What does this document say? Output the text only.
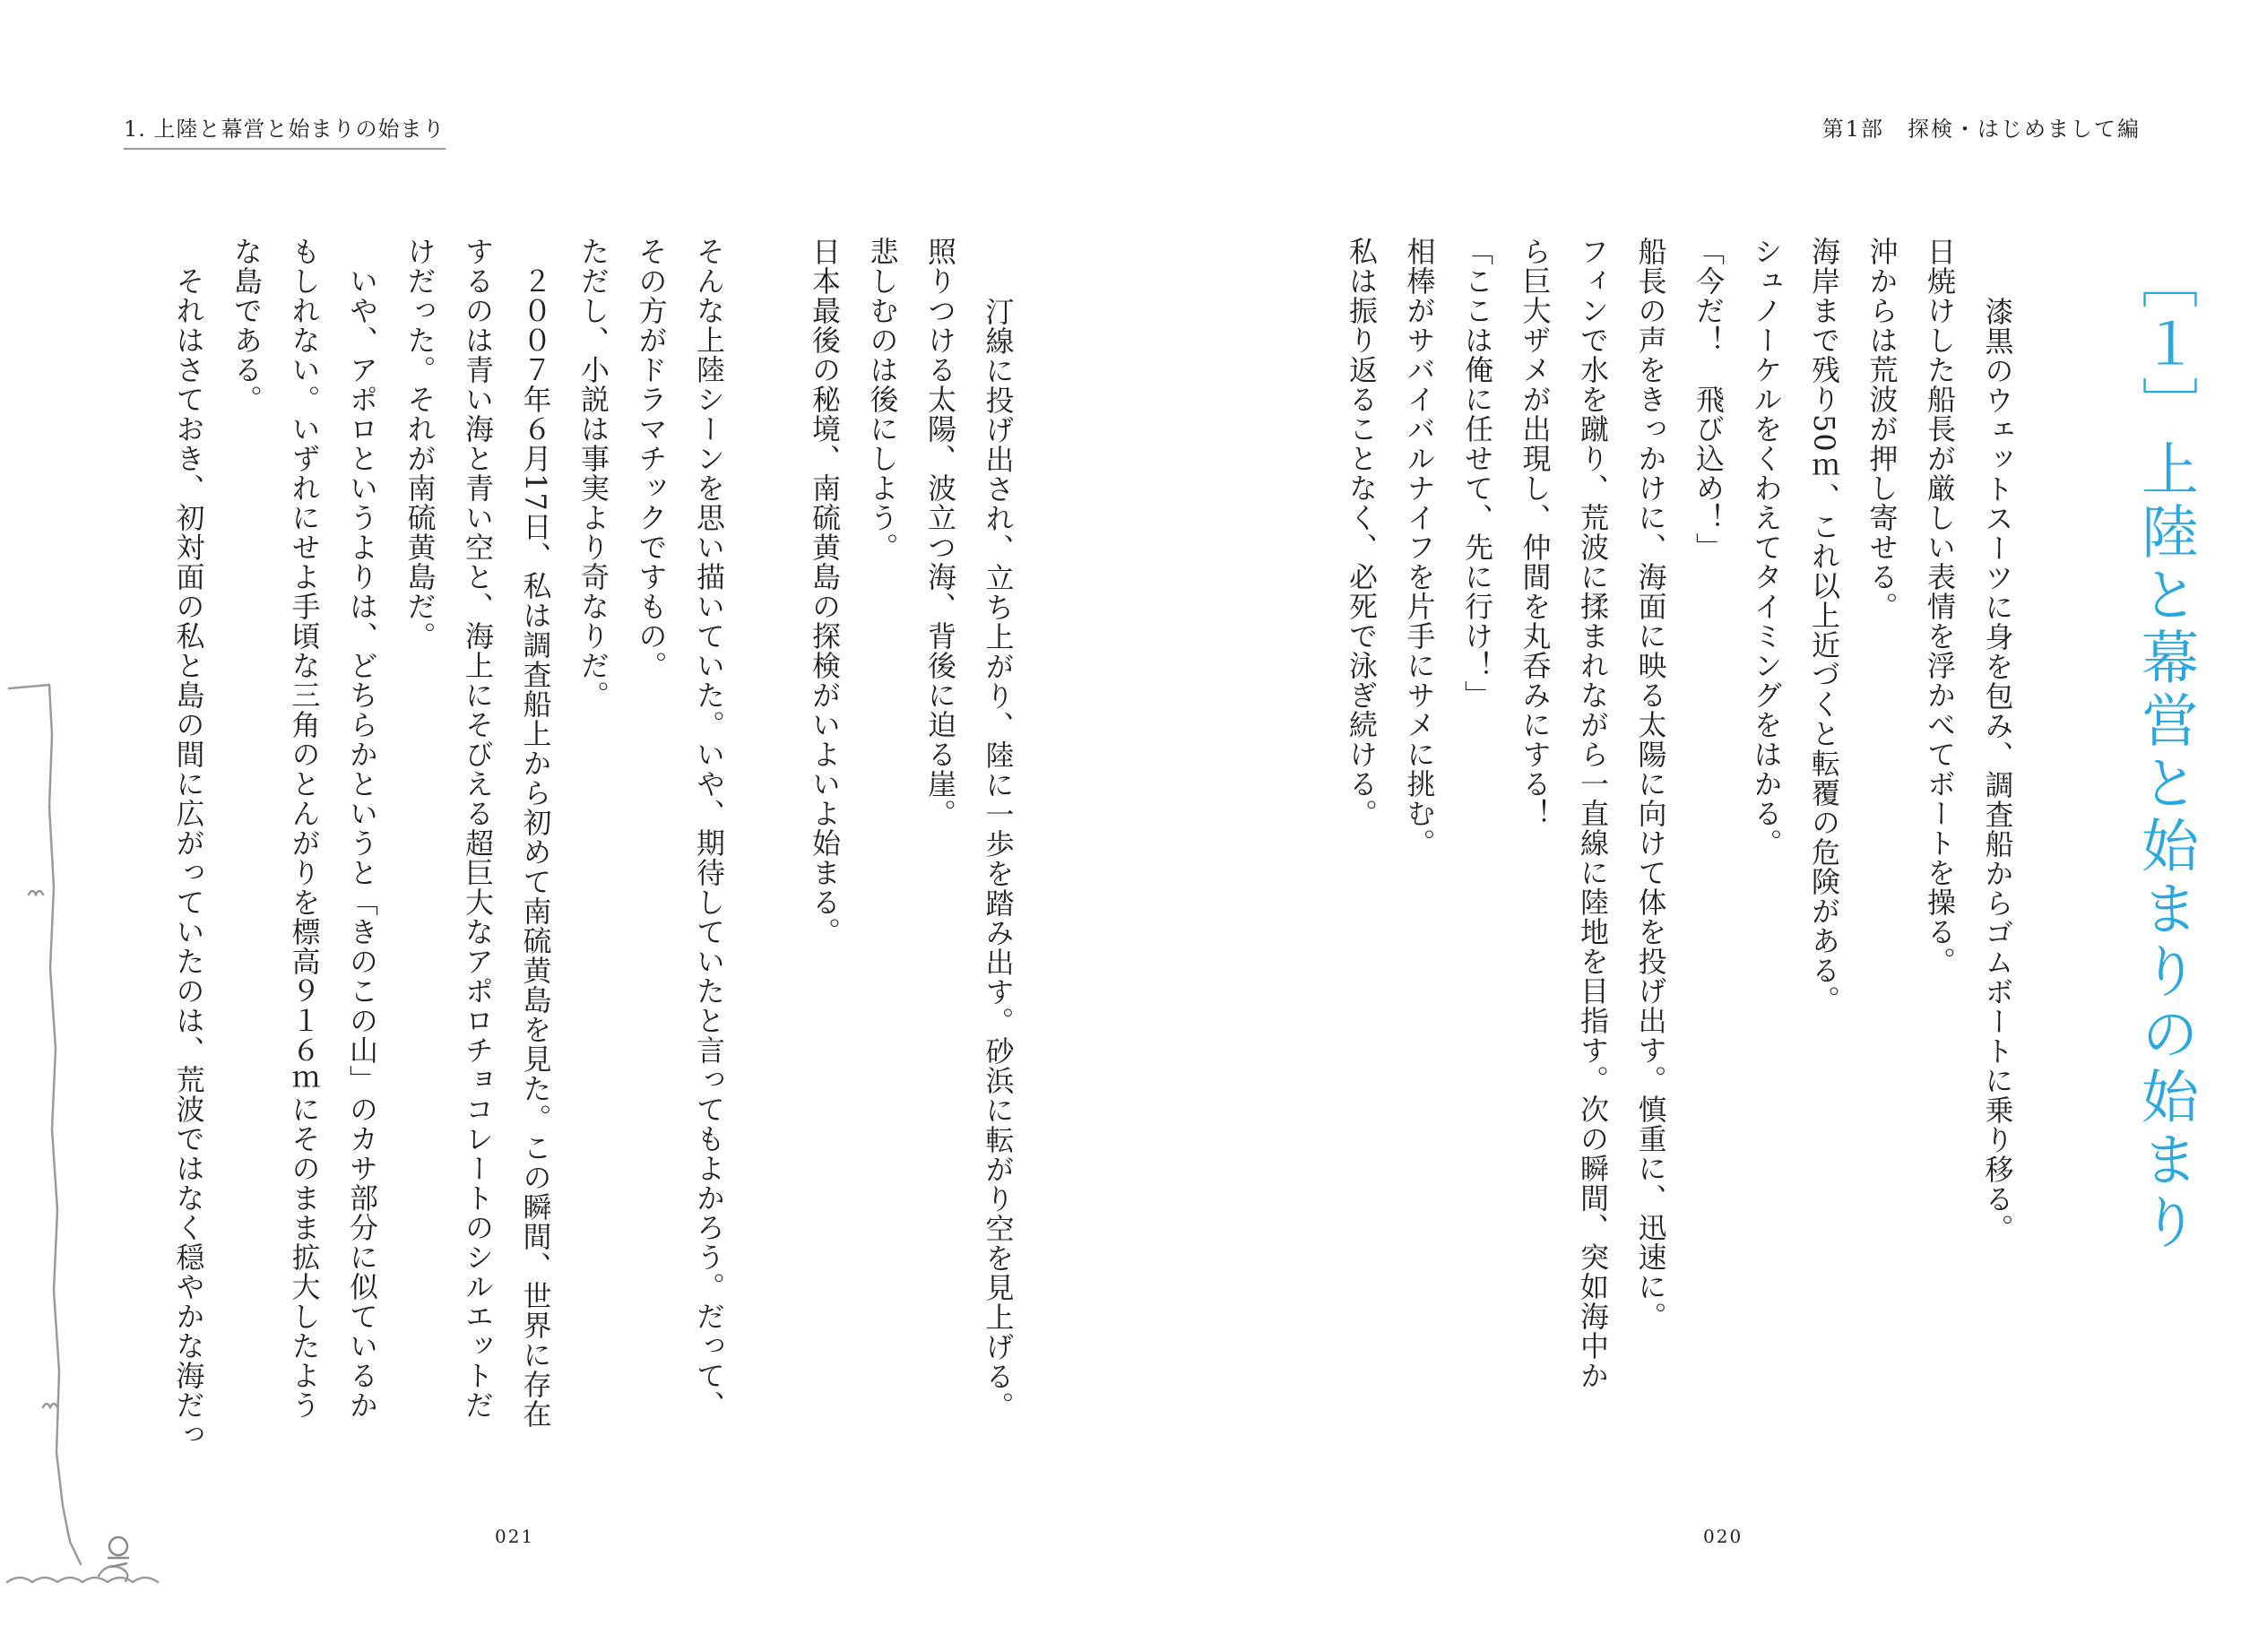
1. 上陸と幕営と始まりの始まり

汀線に投げ出され、立ち上がり、陸に一歩を踏み出す。砂浜に転がり空を見上げる。
照りつける太陽、波立つ海、背後に迫る崖。
悲しむのは後にしよう。
日本最後の秘境、南硫黄島の探検がいよいよ始まる。

そんな上陸シーンを思い描いていた。いや、期待していたと言ってもよかろう。だって、
その方がドラマチックですもの。
ただし、小説は事実より奇なりだ。
　２００７年６月17日、私は調査船上から初めて南硫黄島を見た。この瞬間、世界に存在
するのは青い海と青い空と、海上にそびえる超巨大なアポロチョコレートのシルエットだ
けだった。それが南硫黄島だ。
　いや、アポロというよりは、どちらかというと「きのこの山」のカサ部分に似ているか
もしれない。いずれにせよ手頃な三角のとんがりを標高９１６ｍにそのまま拡大したよう
な島である。
　それはさておき、初対面の私と島の間に広がっていたのは、荒波ではなく穏やかな海だっ

021
第1部　探検・はじめまして編
［１］上陸と幕営と始まりの始まり

漆黒のウェットスーツに身を包み、調査船からゴムボートに乗り移る。
日焼けした船長が厳しい表情を浮かべてボートを操る。
沖からは荒波が押し寄せる。
海岸まで残り50ｍ、これ以上近づくと転覆の危険がある。
シュノーケルをくわえてタイミングをはかる。
「今だ！　飛び込め！」
船長の声をきっかけに、海面に映る太陽に向けて体を投げ出す。慎重に、迅速に。
フィンで水を蹴り、荒波に揉まれながら一直線に陸地を目指す。次の瞬間、突如海中か
ら巨大ザメが出現し、仲間を丸呑みにする！
「ここは俺に任せて、先に行け！」
相棒がサバイバルナイフを片手にサメに挑む。
私は振り返ることなく、必死で泳ぎ続ける。

020
